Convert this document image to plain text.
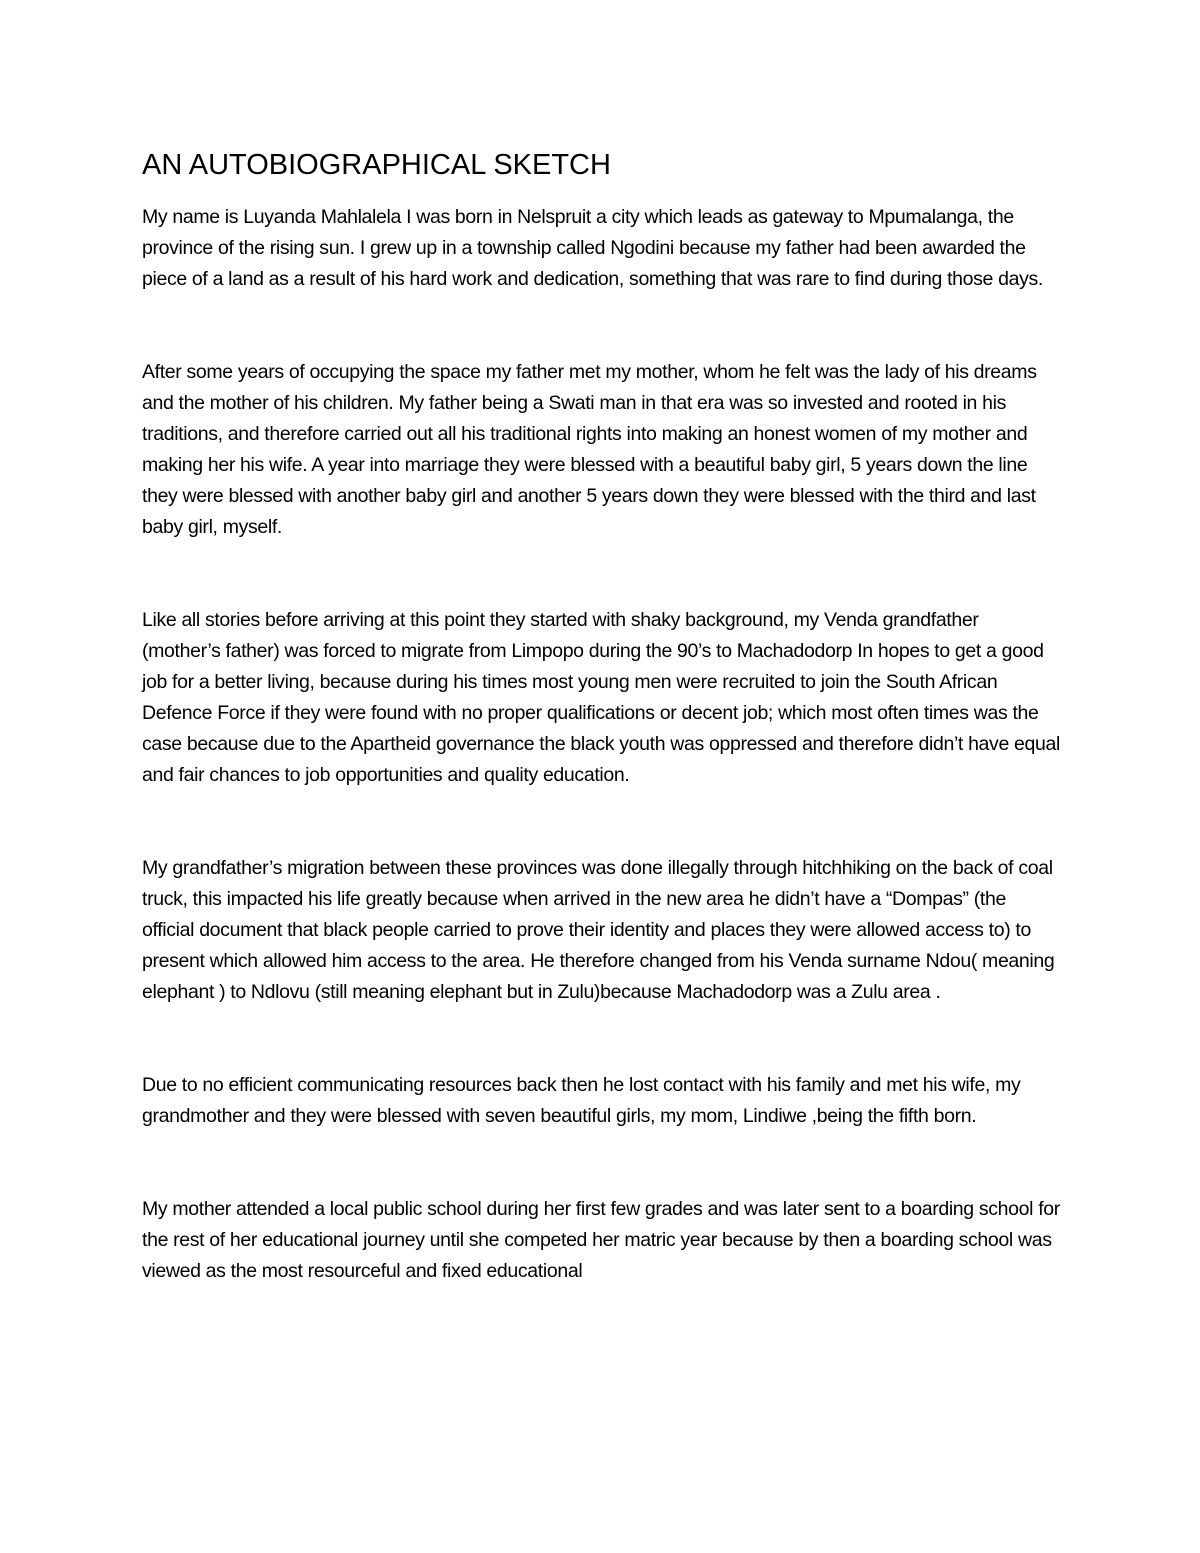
AN AUTOBIOGRAPHICAL SKETCH

My name is Luyanda Mahlalela I was born in Nelspruit a city which leads as gateway to Mpumalanga, the province of the rising sun. I grew up in a township called Ngodini because my father had been awarded the piece of a land as a result of his hard work and dedication, something that was rare to find during those days.

After some years of occupying the space my father met my mother, whom he felt was the lady of his dreams and the mother of his children. My father being a Swati man in that era was so invested and rooted in his traditions, and therefore carried out all his traditional rights into making an honest women of my mother and making her his wife. A year into marriage they were blessed with a beautiful baby girl, 5 years down the line they were blessed with another baby girl and another 5 years down they were blessed with the third and last baby girl, myself.

Like all stories before arriving at this point they started with shaky background, my Venda grandfather (mother’s father) was forced to migrate from Limpopo during the 90’s to Machadodorp In hopes to get a good job for a better living, because during his times most young men were recruited to join the South African Defence Force if they were found with no proper qualifications or decent job; which most often times was the case because due to the Apartheid governance the black youth was oppressed and therefore didn’t have equal and fair chances to job opportunities and quality education.

My grandfather’s migration between these provinces was done illegally through hitchhiking on the back of coal truck, this impacted his life greatly because when arrived in the new area he didn’t have a “Dompas” (the official document that black people carried to prove their identity and places they were allowed access to) to present which allowed him access to the area. He therefore changed from his Venda surname Ndou( meaning elephant ) to Ndlovu (still meaning elephant but in Zulu)because Machadodorp was a Zulu area .

Due to no efficient communicating resources back then he lost contact with his family and met his wife, my grandmother and they were blessed with seven beautiful girls, my mom, Lindiwe ,being the fifth born.

My mother attended a local public school during her first few grades and was later sent to a boarding school for the rest of her educational journey until she competed her matric year because by then a boarding school was viewed as the most resourceful and fixed educational
